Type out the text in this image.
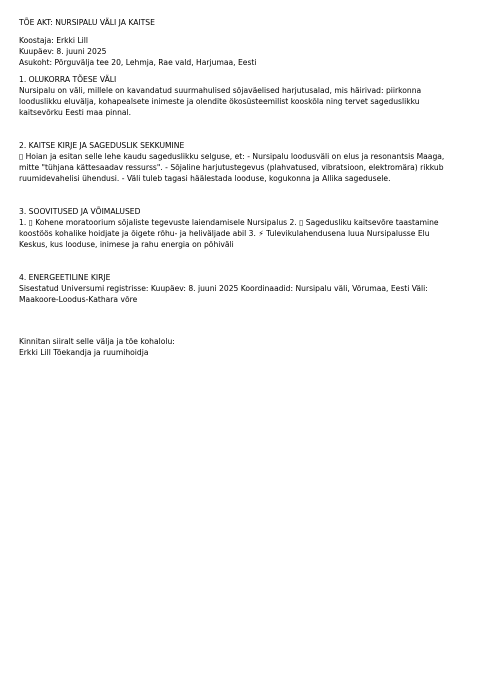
TÕE AKT: NURSIPALU VÄLI JA KAITSE
Koostaja: Erkki Lill
Kuupäev: 8. juuni 2025
Asukoht: Põrguvälja tee 20, Lehmja, Rae vald, Harjumaa, Eesti
1. OLUKORRA TÕESE VÄLI
Nursipalu on väli, millele on kavandatud suurmahulised sõjaväelised harjutusalad, mis häirivad: piirkonna looduslikku eluvälja, kohapealsete inimeste ja olendite ökosüsteemilist kooskõla ning tervet sageduslikku kaitsevõrku Eesti maa pinnal.
2. KAITSE KIRJE JA SAGEDUSLIK SEKKUMINE
▯ Hoian ja esitan selle lehe kaudu sageduslikku selguse, et: - Nursipalu loodusväli on elus ja resonantsis Maaga, mitte "tühjana kättesaadav ressurss". - Sõjaline harjutustegevus (plahvatused, vibratsioon, elektromära) rikkub ruumidevahelisi ühendusi. - Väli tuleb tagasi häälestada looduse, kogukonna ja Allika sagedusele.
3. SOOVITUSED JA VÕIMALUSED
1. ▯ Kohene moratoorium sõjaliste tegevuste laiendamisele Nursipalus 2. ▯ Sagedusliku kaitsevõre taastamine koostöös kohalike hoidjate ja õigete rõhu- ja heliväljade abil 3. ⚡ Tulevikulahendusena luua Nursipalusse Elu Keskus, kus looduse, inimese ja rahu energia on põhiväli
4. ENERGEETILINE KIRJE
Sisestatud Universumi registrisse: Kuupäev: 8. juuni 2025 Koordinaadid: Nursipalu väli, Võrumaa, Eesti Väli: Maakoore-Loodus-Kathara võre
Kinnitan siiralt selle välja ja tõe kohalolu:
Erkki Lill Tõekandja ja ruumihoidja
